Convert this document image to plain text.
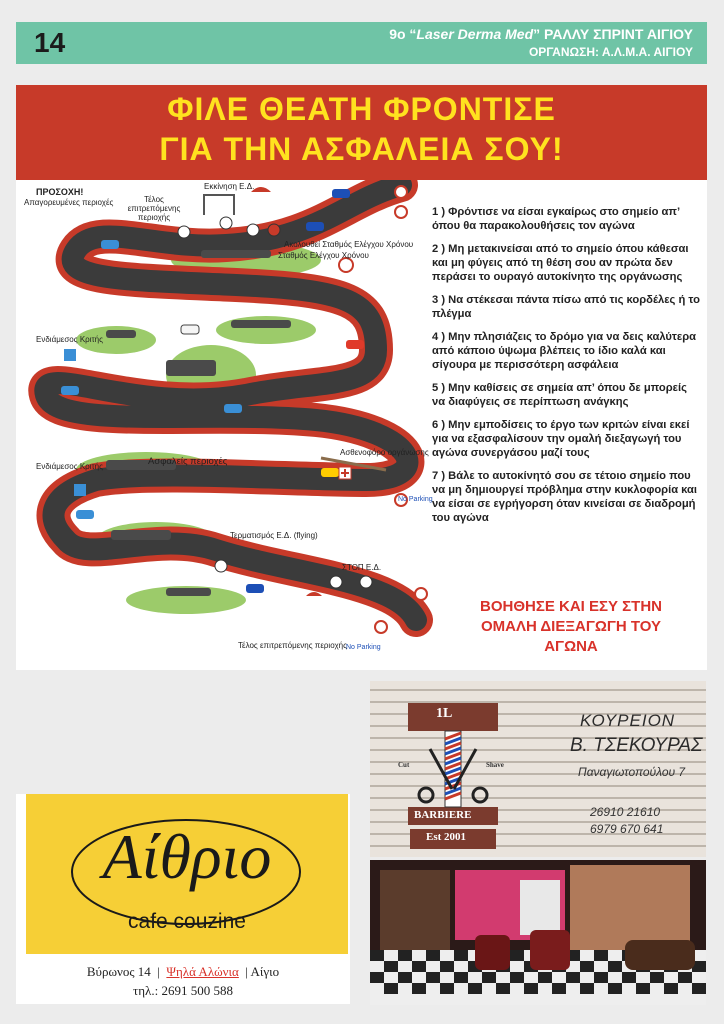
14	9ο “Laser Derma Med” ΡΑΛΛΥ ΣΠΡΙΝΤ ΑΙΓΙΟΥ
ΟΡΓΑΝΩΣΗ: Α.Λ.Μ.Α. ΑΙΓΙΟΥ
ΦΙΛΕ ΘΕΑΤΗ ΦΡΟΝΤΙΣΕ
ΓΙΑ ΤΗΝ ΑΣΦΑΛΕΙΑ ΣΟΥ!
ΠΡΟΣΟΧΗ!
Απαγορευμένες περιοχές	Τέλος επιτρεπόμενης περιοχής
Εκκίνηση Ε.Δ.
Ακολουθεί Σταθμός Ελέγχου Χρόνου
Σταθμός Ελέγχου Χρόνου
Ενδιάμεσος Κριτής
Ασθενοφόρο οργάνωσης
No Parking
Ενδιάμεσος Κριτής	Ασφαλείς περιοχές
Τερματισμός Ε.Δ. (flying)
ΣΤΟΠ Ε.Δ.
Τέλος επιτρεπόμενης περιοχής No Parking
1 ) Φρόντισε να είσαι εγκαίρως στο σημείο απ’ όπου θα παρακολουθήσεις τον αγώνα
2 ) Μη μετακινείσαι από το σημείο όπου κάθεσαι και μη φύγεις από τη θέση σου αν πρώτα δεν περάσει το ουραγό αυτοκίνητο της οργάνωσης
3 ) Να στέκεσαι πάντα πίσω από τις κορδέλες ή το πλέγμα
4 ) Μην πλησιάζεις το δρόμο για να δεις καλύτερα από κάποιο ύψωμα βλέπεις το ίδιο καλά και σίγουρα με περισσότερη ασφάλεια
5 ) Μην καθίσεις σε σημεία απ’ όπου δε μπορείς να διαφύγεις σε περίπτωση ανάγκης
6 ) Μην εμποδίσεις το έργο των κριτών είναι εκεί για να εξασφαλίσουν την ομαλή διεξαγωγή του αγώνα συνεργάσου μαζί τους
7 ) Βάλε το αυτοκίνητό σου σε τέτοιο σημείο που να μη δημιουργεί πρόβλημα στην κυκλοφορία και να είσαι σε εγρήγορση όταν κινείσαι σε διαδρομή του αγώνα
ΒΟΗΘΗΣΕ ΚΑΙ ΕΣΥ ΣΤΗΝ
ΟΜΑΛΗ ΔΙΕΞΑΓΩΓΗ ΤΟΥ
ΑΓΩΝΑ
1L
Cut	Shave
BARBIERE
Est 2001
ΚΟΥΡΕΙΟΝ
Β. ΤΣΕΚΟΥΡΑΣ
Παναγιωτοπούλου 7
26910 21610
6979 670 641
Αίθριο
cafe couzine
Βύρωνος 14  |  Ψηλά Αλώνια  | Αίγιο
τηλ.: 2691 500 588
